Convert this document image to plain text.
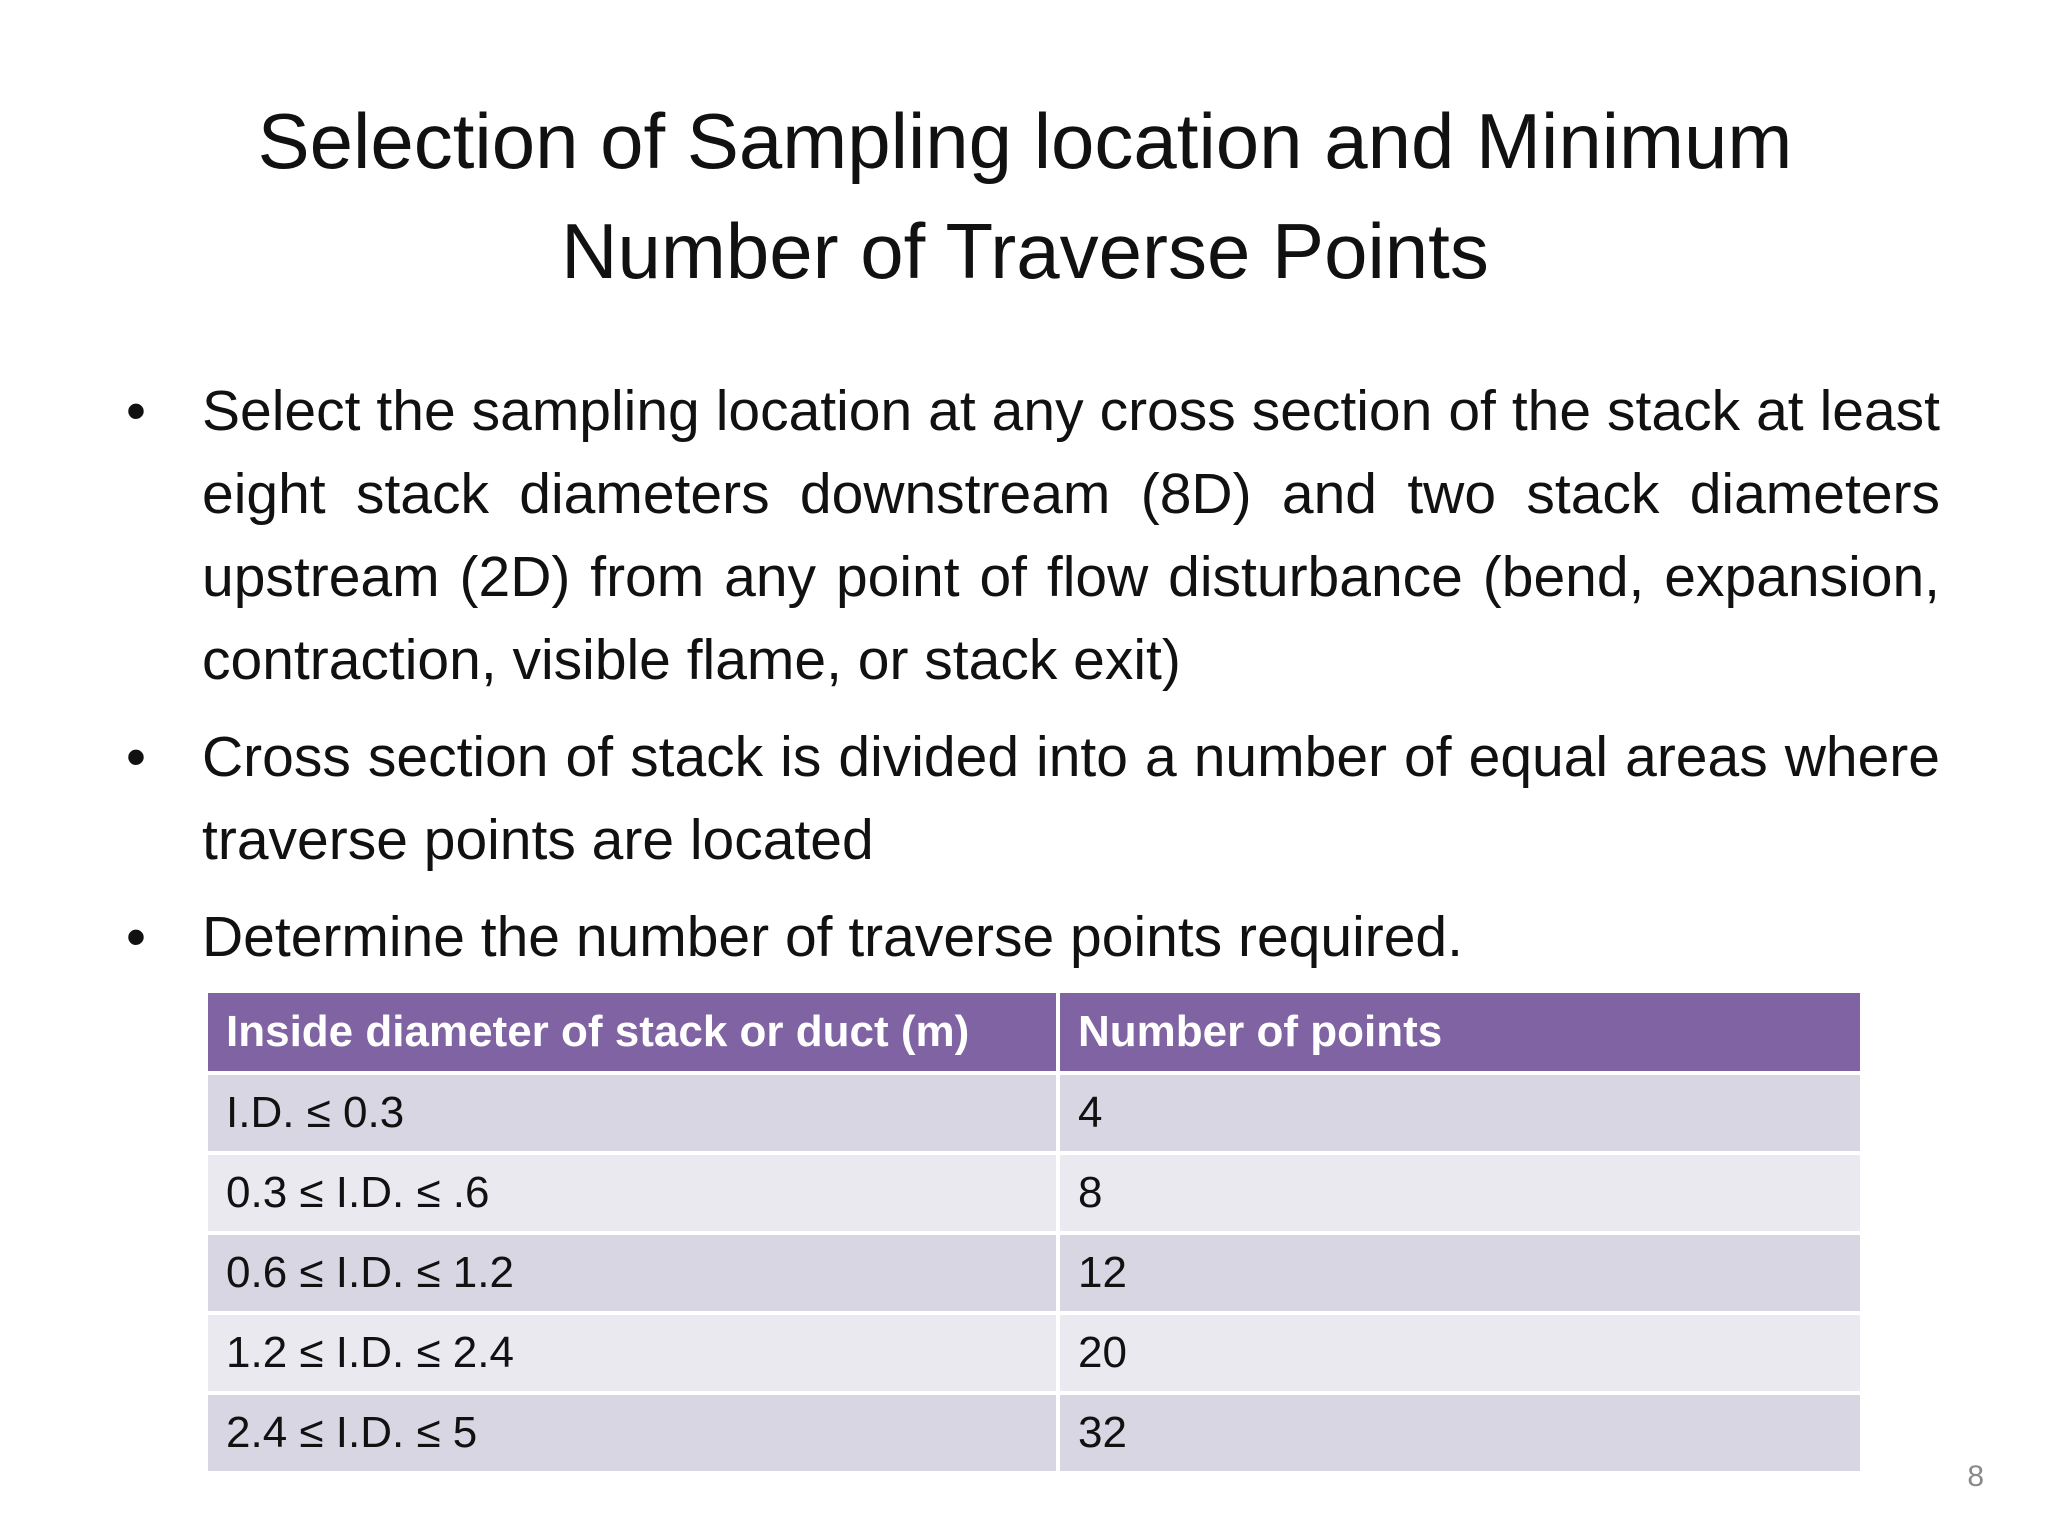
Selection of Sampling location and Minimum
Number of Traverse Points
• Select the sampling location at any cross section of the stack at least eight stack diameters downstream (8D) and two stack diameters upstream (2D) from any point of flow disturbance (bend, expansion, contraction, visible flame, or stack exit)
• Cross section of stack is divided into a number of equal areas where traverse points are located
• Determine the number of traverse points required.
Inside diameter of stack or duct (m)	Number of points
I.D. ≤ 0.3	4
0.3 ≤ I.D. ≤ .6	8
0.6 ≤ I.D. ≤ 1.2	12
1.2 ≤ I.D. ≤ 2.4	20
2.4 ≤ I.D. ≤ 5	32
8
